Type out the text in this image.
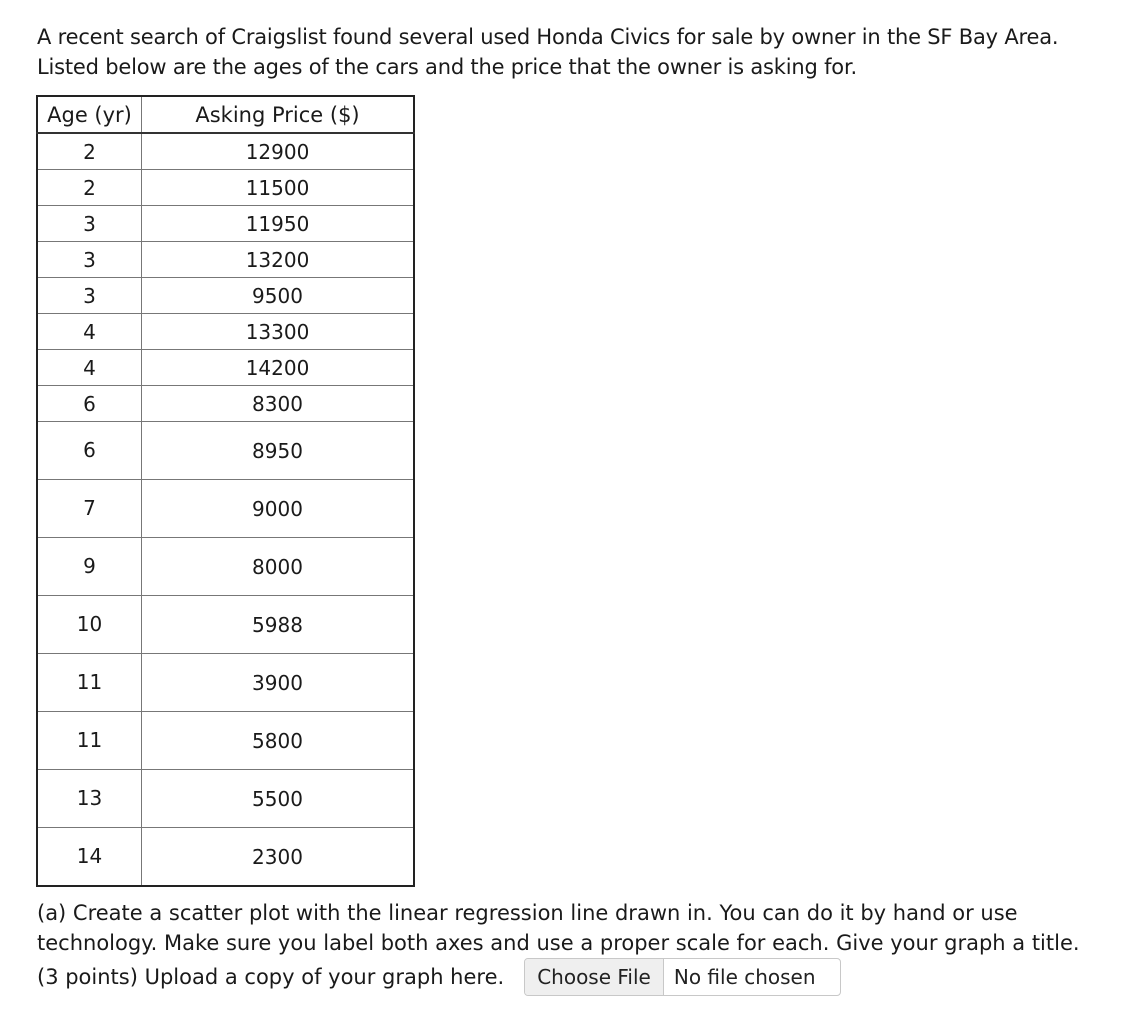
A recent search of Craigslist found several used Honda Civics for sale by owner in the SF Bay Area.

Listed below are the ages of the cars and the price that the owner is asking for.

Age (yr)	Asking Price ($)
2	12900
2	11500
3	11950
3	13200
3	9500
4	13300
4	14200
6	8300
6	8950
7	9000
9	8000
10	5988
11	3900
11	5800
13	5500
14	2300

(a) Create a scatter plot with the linear regression line drawn in. You can do it by hand or use

technology. Make sure you label both axes and use a proper scale for each. Give your graph a title.

(3 points) Upload a copy of your graph here.	Choose File	No file chosen
